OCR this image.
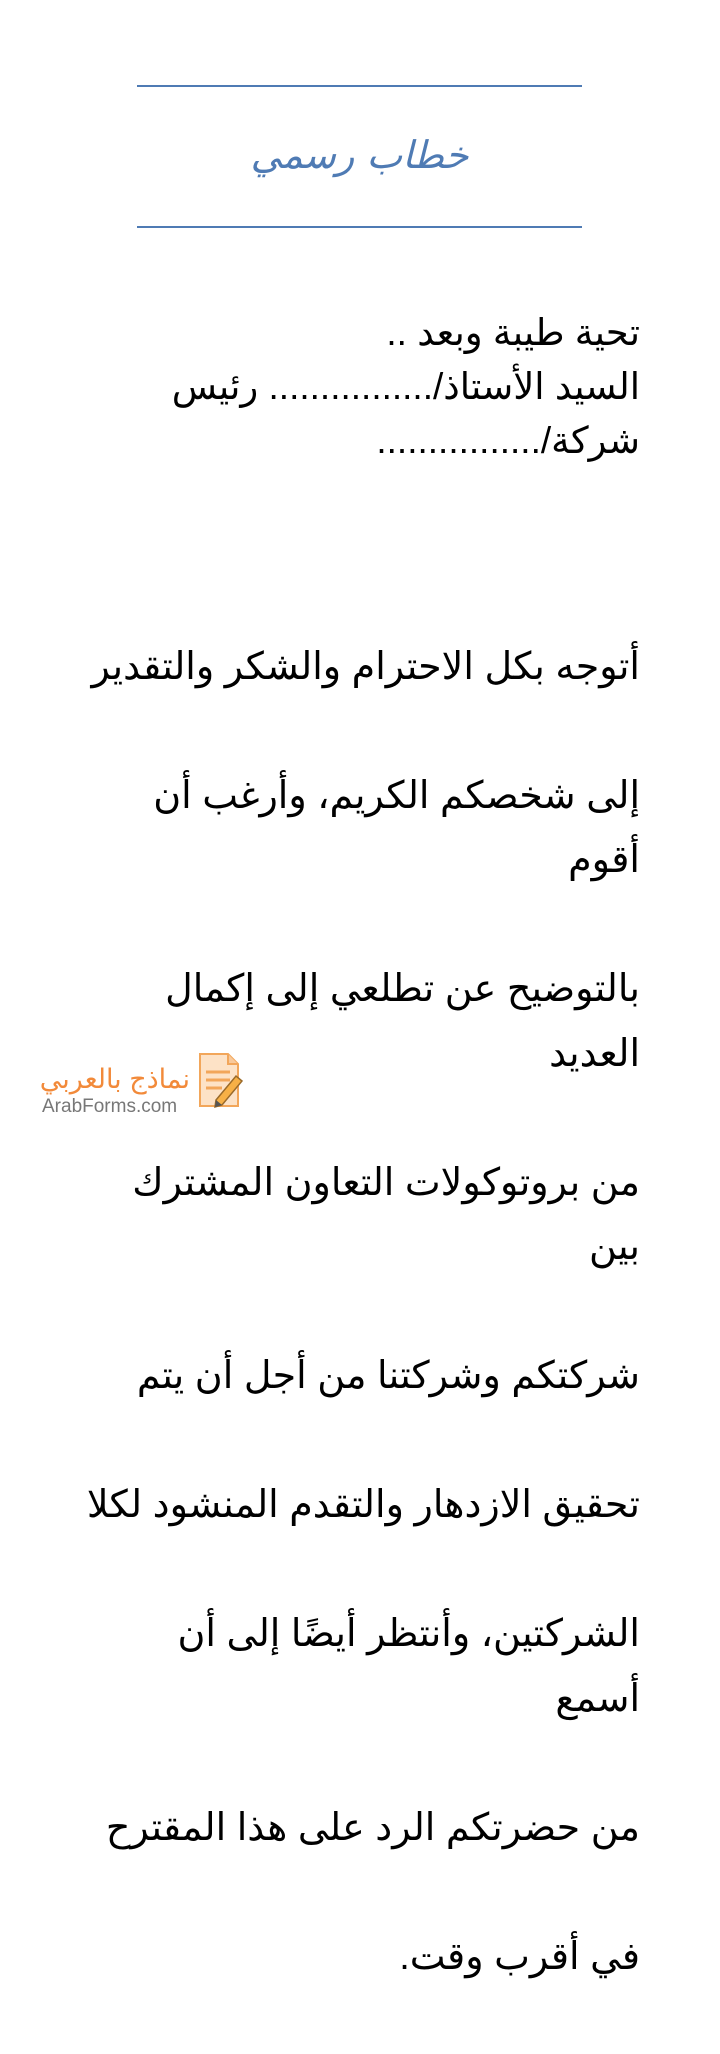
خطاب رسمي
تحية طيبة وبعد ..
السيد الأستاذ/................ رئيس
شركة/................

أتوجه بكل الاحترام والشكر والتقدير

إلى شخصكم الكريم، وأرغب أن أقوم

بالتوضيح عن تطلعي إلى إكمال العديد

من بروتوكولات التعاون المشترك بين

شركتكم وشركتنا من أجل أن يتم

تحقيق الازدهار والتقدم المنشود لكلا

الشركتين، وأنتظر أيضًا إلى أن أسمع

من حضرتكم الرد على هذا المقترح

في أقرب وقت.

نماذج بالعربي
ArabForms.com
